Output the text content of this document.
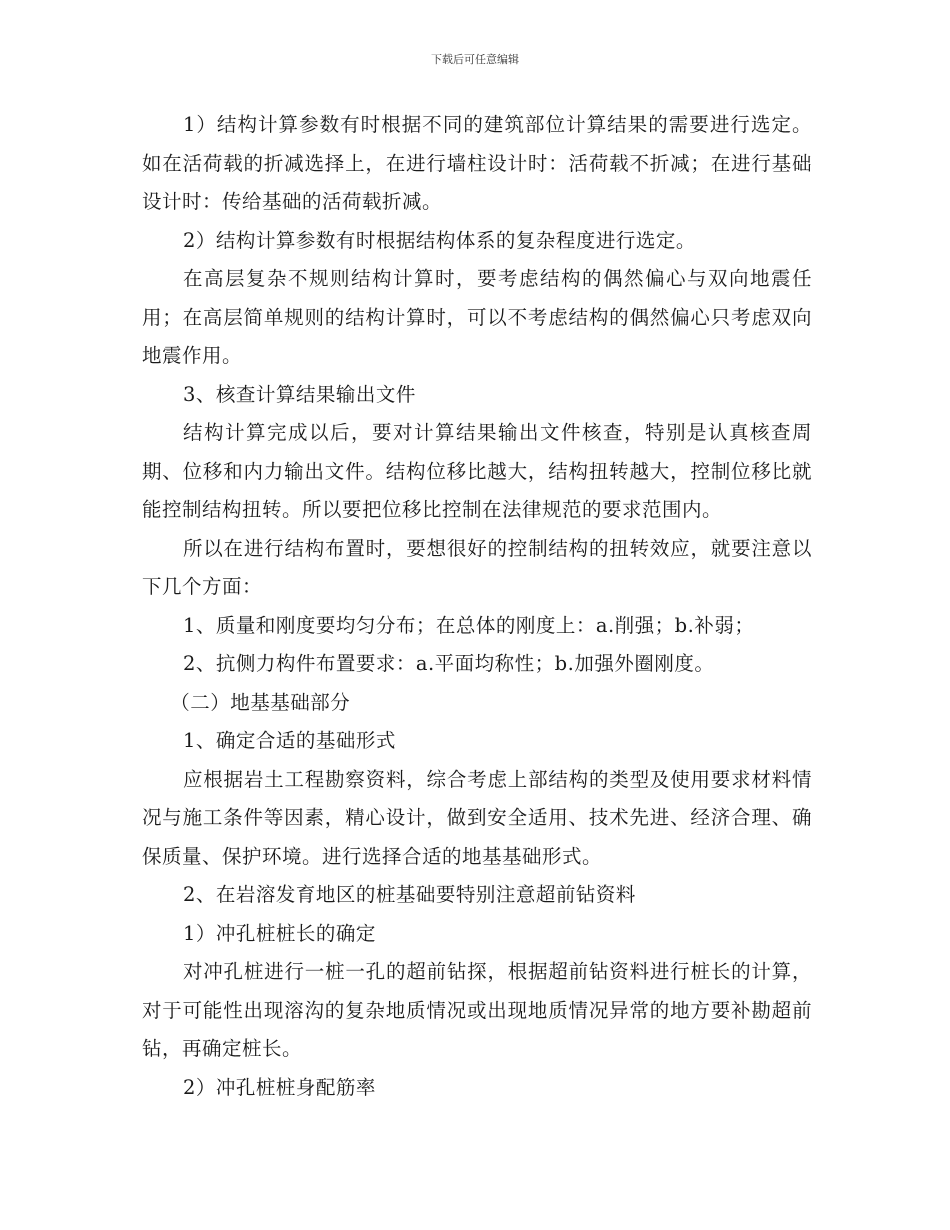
下载后可任意编辑

1）结构计算参数有时根据不同的建筑部位计算结果的需要进行选定。如在活荷载的折减选择上，在进行墙柱设计时：活荷载不折减；在进行基础设计时：传给基础的活荷载折减。

2）结构计算参数有时根据结构体系的复杂程度进行选定。

在高层复杂不规则结构计算时，要考虑结构的偶然偏心与双向地震任用；在高层简单规则的结构计算时，可以不考虑结构的偶然偏心只考虑双向地震作用。

3、核查计算结果输出文件

结构计算完成以后，要对计算结果输出文件核查，特别是认真核查周期、位移和内力输出文件。结构位移比越大，结构扭转越大，控制位移比就能控制结构扭转。所以要把位移比控制在法律规范的要求范围内。

所以在进行结构布置时，要想很好的控制结构的扭转效应，就要注意以下几个方面：

1、质量和刚度要均匀分布；在总体的刚度上：a.削强；b.补弱；

2、抗侧力构件布置要求：a.平面均称性；b.加强外圈刚度。

（二）地基基础部分

1、确定合适的基础形式

应根据岩土工程勘察资料，综合考虑上部结构的类型及使用要求材料情况与施工条件等因素，精心设计，做到安全适用、技术先进、经济合理、确保质量、保护环境。进行选择合适的地基基础形式。

2、在岩溶发育地区的桩基础要特别注意超前钻资料

1）冲孔桩桩长的确定

对冲孔桩进行一桩一孔的超前钻探，根据超前钻资料进行桩长的计算，对于可能性出现溶沟的复杂地质情况或出现地质情况异常的地方要补勘超前钻，再确定桩长。

2）冲孔桩桩身配筋率
